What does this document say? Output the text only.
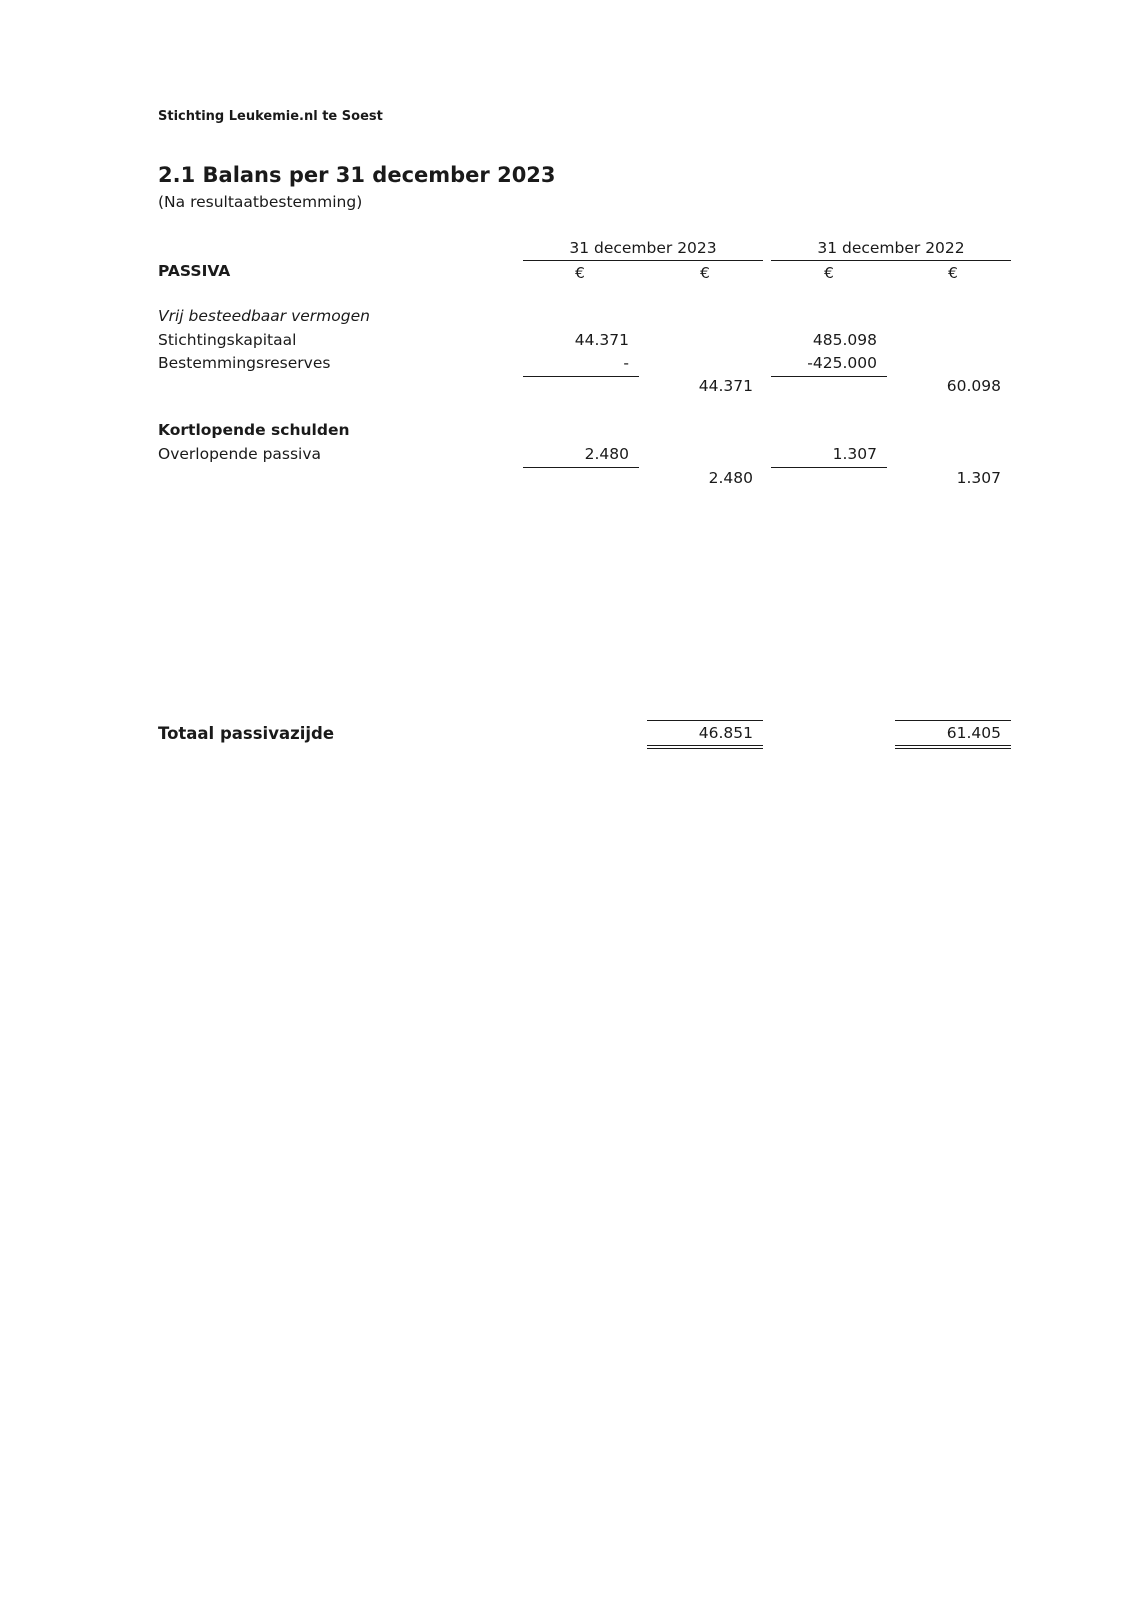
Stichting Leukemie.nl te Soest
2.1 Balans per 31 december 2023
(Na resultaatbestemming)
31 december 2023	31 december 2022
PASSIVA	€	€	€	€
Vrij besteedbaar vermogen
Stichtingskapitaal	44.371	485.098
Bestemmingsreserves	-	-425.000
44.371	60.098
Kortlopende schulden
Overlopende passiva	2.480	1.307
2.480	1.307
Totaal passivazijde	46.851	61.405
